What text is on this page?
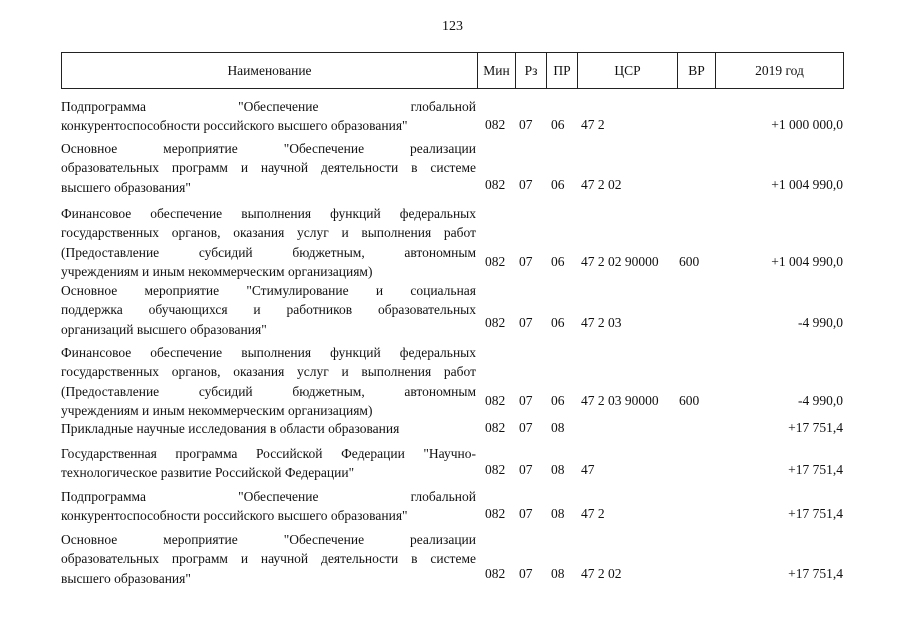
123
Наименование	Мин	Рз	ПР	ЦСР	ВР	2019 год
Подпрограмма "Обеспечение глобальной
конкурентоспособности российского высшего образования"	082 07 06 47 2	+1 000 000,0
Основное мероприятие "Обеспечение реализации
образовательных программ и научной деятельности в системе
высшего образования"	082 07 06 47 2 02	+1 004 990,0
Финансовое обеспечение выполнения функций федеральных
государственных органов, оказания услуг и выполнения работ
(Предоставление субсидий бюджетным, автономным
учреждениям и иным некоммерческим организациям)
082 07 06 47 2 02 90000 600	+1 004 990,0
Основное мероприятие "Стимулирование и социальная
поддержка обучающихся и работников образовательных
организаций высшего образования"	082 07 06 47 2 03	-4 990,0
Финансовое обеспечение выполнения функций федеральных
государственных органов, оказания услуг и выполнения работ
(Предоставление субсидий бюджетным, автономным
учреждениям и иным некоммерческим организациям)
082 07 06 47 2 03 90000 600	-4 990,0
Прикладные научные исследования в области образования	082 07 08	+17 751,4
Государственная программа Российской Федерации "Научно-
технологическое развитие Российской Федерации"	082 07 08 47	+17 751,4
Подпрограмма "Обеспечение глобальной
конкурентоспособности российского высшего образования"	082 07 08 47 2	+17 751,4
Основное мероприятие "Обеспечение реализации
образовательных программ и научной деятельности в системе
высшего образования"	082 07 08 47 2 02	+17 751,4
